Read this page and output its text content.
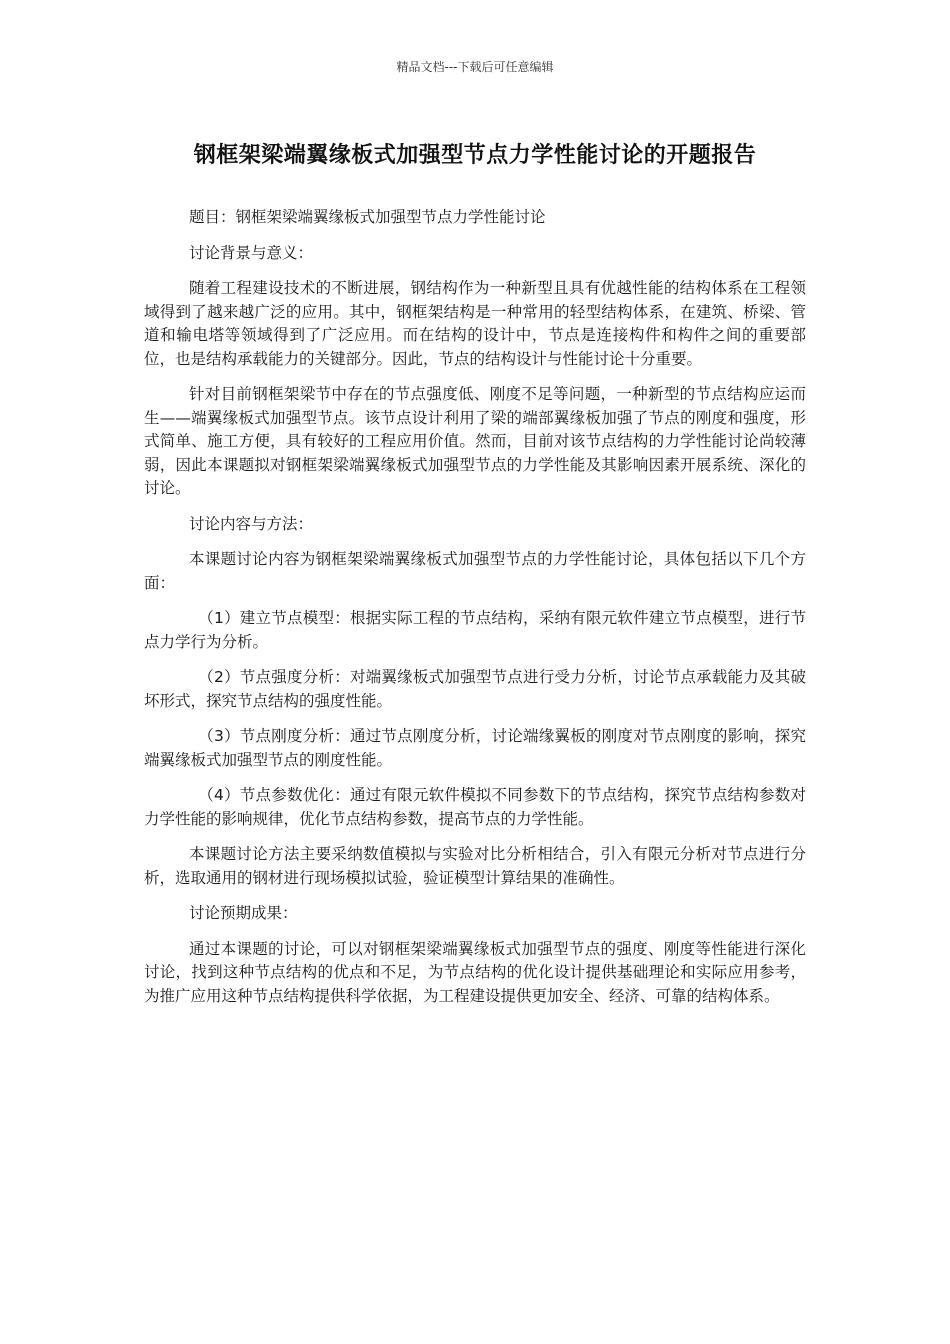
精品文档---下载后可任意编辑
钢框架梁端翼缘板式加强型节点力学性能讨论的开题报告

题目：钢框架梁端翼缘板式加强型节点力学性能讨论

讨论背景与意义：

随着工程建设技术的不断进展，钢结构作为一种新型且具有优越性能的结构体系在工程领域得到了越来越广泛的应用。其中，钢框架结构是一种常用的轻型结构体系，在建筑、桥梁、管道和输电塔等领域得到了广泛应用。而在结构的设计中，节点是连接构件和构件之间的重要部位，也是结构承载能力的关键部分。因此，节点的结构设计与性能讨论十分重要。

针对目前钢框架梁节中存在的节点强度低、刚度不足等问题，一种新型的节点结构应运而生——端翼缘板式加强型节点。该节点设计利用了梁的端部翼缘板加强了节点的刚度和强度，形式简单、施工方便，具有较好的工程应用价值。然而，目前对该节点结构的力学性能讨论尚较薄弱，因此本课题拟对钢框架梁端翼缘板式加强型节点的力学性能及其影响因素开展系统、深化的讨论。

讨论内容与方法：

本课题讨论内容为钢框架梁端翼缘板式加强型节点的力学性能讨论，具体包括以下几个方面：

（1）建立节点模型：根据实际工程的节点结构，采纳有限元软件建立节点模型，进行节点力学行为分析。

（2）节点强度分析：对端翼缘板式加强型节点进行受力分析，讨论节点承载能力及其破坏形式，探究节点结构的强度性能。

（3）节点刚度分析：通过节点刚度分析，讨论端缘翼板的刚度对节点刚度的影响，探究端翼缘板式加强型节点的刚度性能。

（4）节点参数优化：通过有限元软件模拟不同参数下的节点结构，探究节点结构参数对力学性能的影响规律，优化节点结构参数，提高节点的力学性能。

本课题讨论方法主要采纳数值模拟与实验对比分析相结合，引入有限元分析对节点进行分析，选取通用的钢材进行现场模拟试验，验证模型计算结果的准确性。

讨论预期成果：

通过本课题的讨论，可以对钢框架梁端翼缘板式加强型节点的强度、刚度等性能进行深化讨论，找到这种节点结构的优点和不足，为节点结构的优化设计提供基础理论和实际应用参考，为推广应用这种节点结构提供科学依据，为工程建设提供更加安全、经济、可靠的结构体系。
